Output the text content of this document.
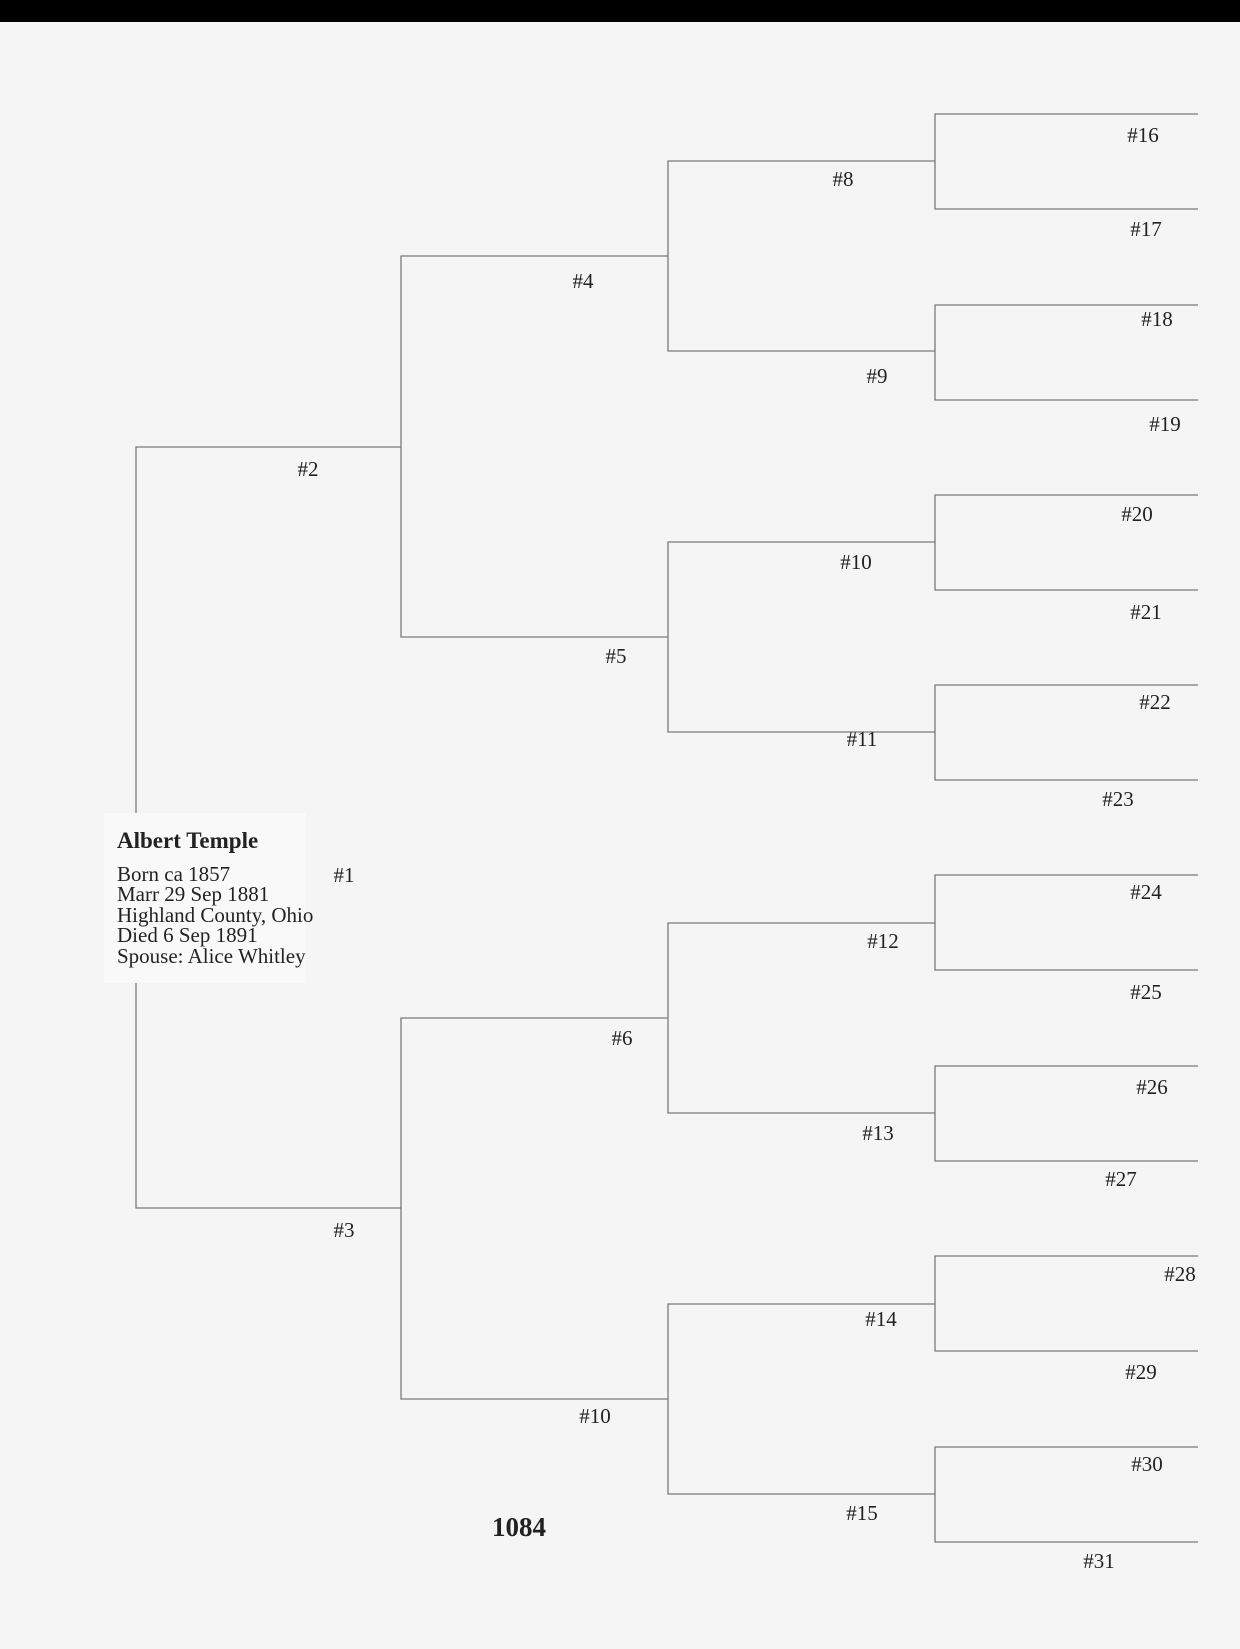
Albert Temple
Born ca 1857
Marr 29 Sep 1881
Highland County, Ohio
Died 6 Sep 1891
Spouse: Alice Whitley
#1
#2
#3
#4
#5
#6
#10
#8
#9
#10
#11
#12
#13
#14
#15
#16
#17
#18
#19
#20
#21
#22
#23
#24
#25
#26
#27
#28
#29
#30
#31
1084
